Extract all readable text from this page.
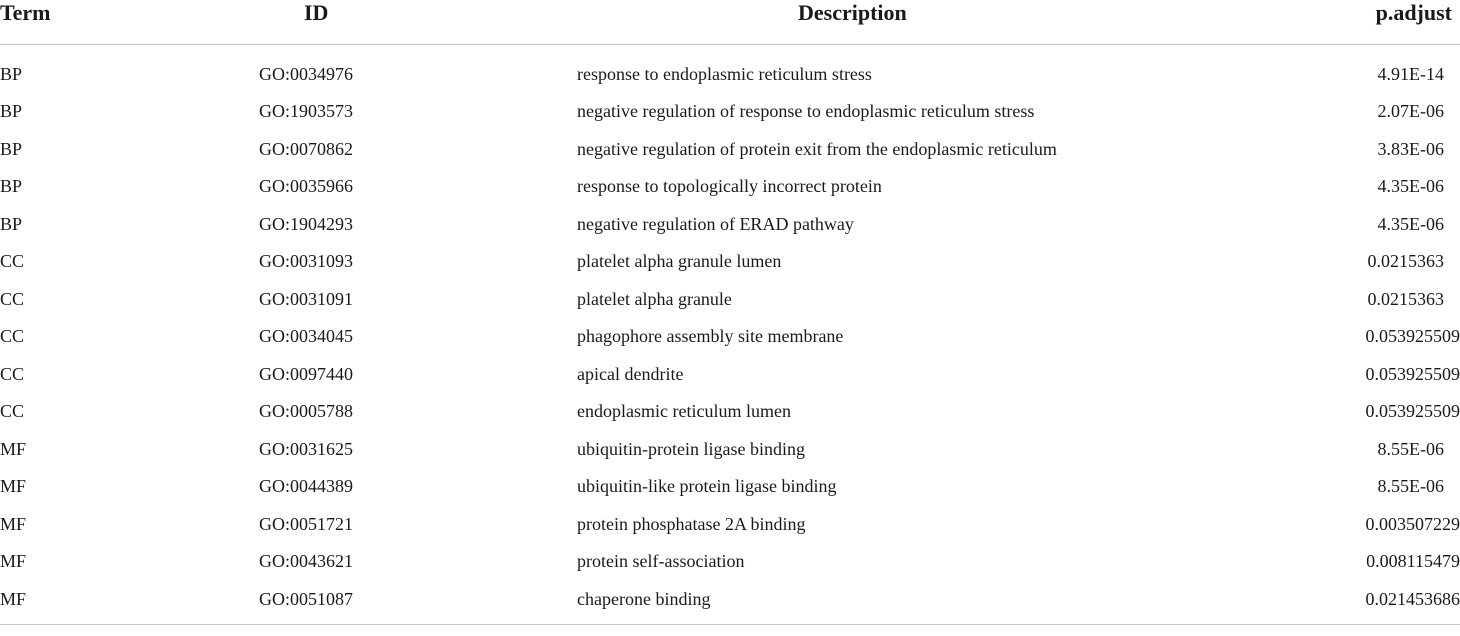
Term	ID	Description	p.adjust
BP	GO:0034976	response to endoplasmic reticulum stress	4.91E-14
BP	GO:1903573	negative regulation of response to endoplasmic reticulum stress	2.07E-06
BP	GO:0070862	negative regulation of protein exit from the endoplasmic reticulum	3.83E-06
BP	GO:0035966	response to topologically incorrect protein	4.35E-06
BP	GO:1904293	negative regulation of ERAD pathway	4.35E-06
CC	GO:0031093	platelet alpha granule lumen	0.0215363
CC	GO:0031091	platelet alpha granule	0.0215363
CC	GO:0034045	phagophore assembly site membrane	0.053925509
CC	GO:0097440	apical dendrite	0.053925509
CC	GO:0005788	endoplasmic reticulum lumen	0.053925509
MF	GO:0031625	ubiquitin-protein ligase binding	8.55E-06
MF	GO:0044389	ubiquitin-like protein ligase binding	8.55E-06
MF	GO:0051721	protein phosphatase 2A binding	0.003507229
MF	GO:0043621	protein self-association	0.008115479
MF	GO:0051087	chaperone binding	0.021453686
